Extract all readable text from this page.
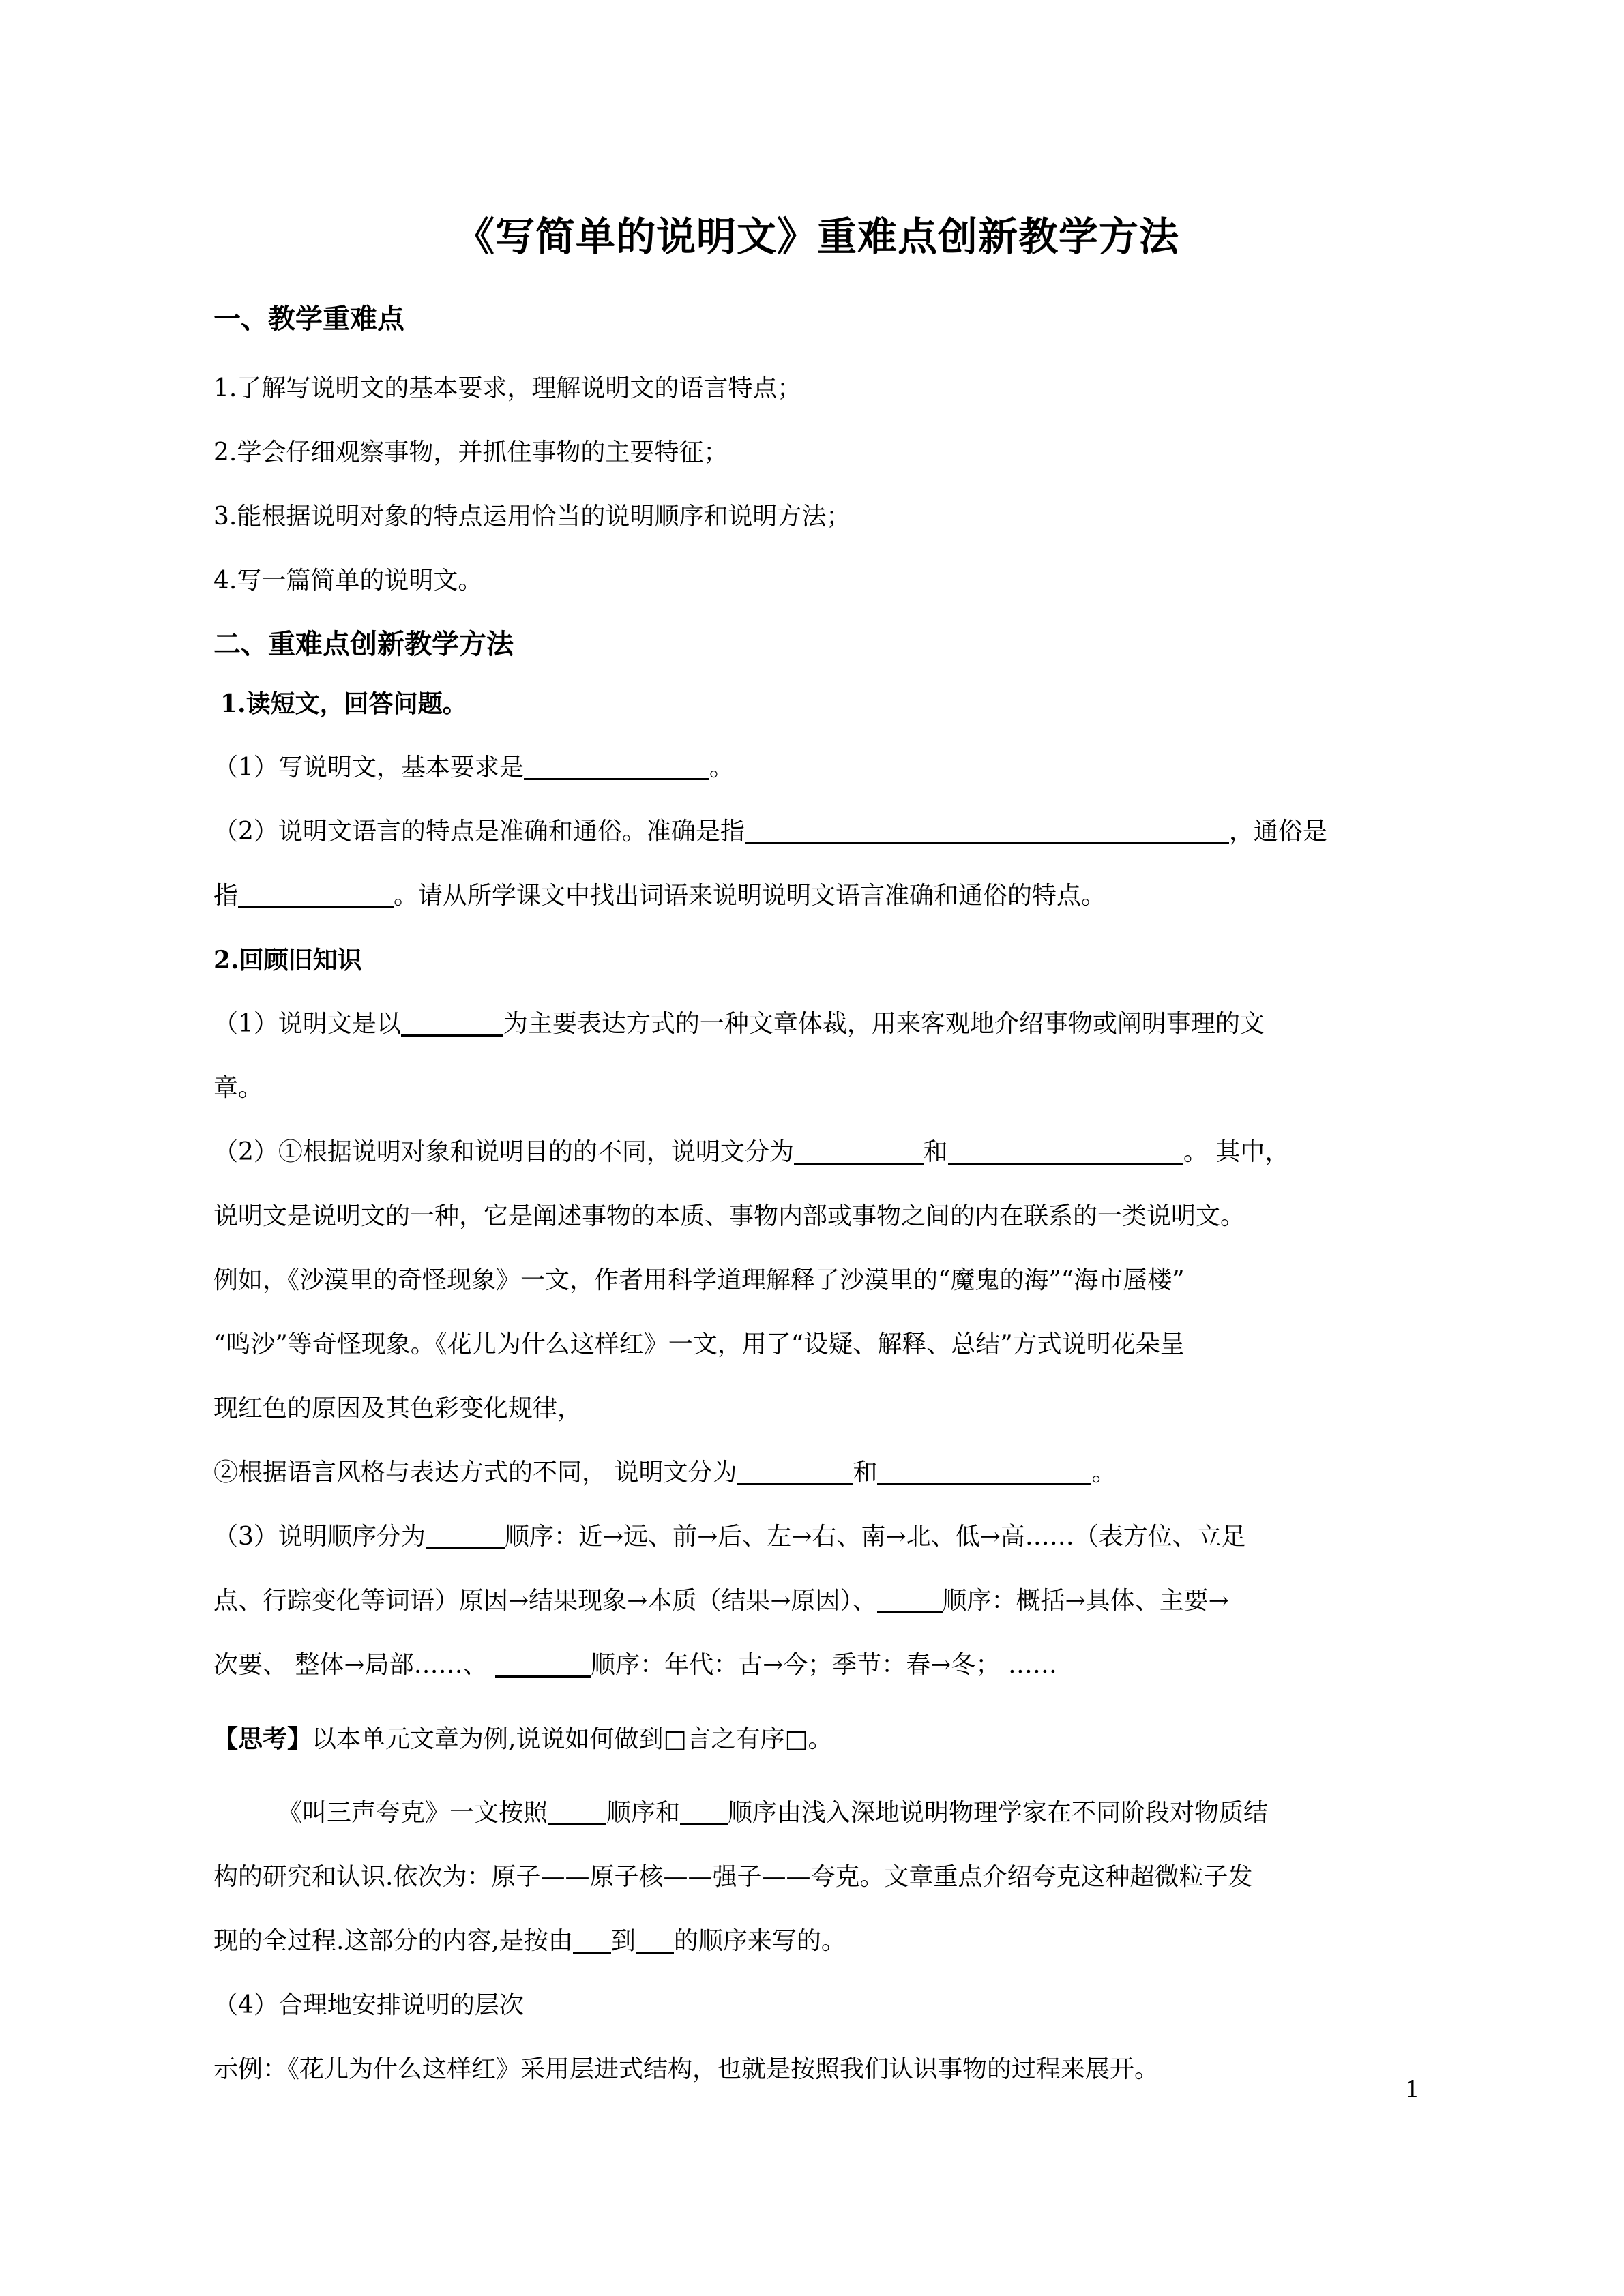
《写简单的说明文》重难点创新教学方法
一、教学重难点
1.了解写说明文的基本要求，理解说明文的语言特点；
2.学会仔细观察事物，并抓住事物的主要特征；
3.能根据说明对象的特点运用恰当的说明顺序和说明方法；
4.写一篇简单的说明文。
二、重难点创新教学方法
1.读短文，回答问题。
（1）写说明文，基本要求是	。
（2）说明文语言的特点是准确和通俗。准确是指	，通俗是
指	。请从所学课文中找出词语来说明说明文语言准确和通俗的特点。
2.回顾旧知识
（1）说明文是以	为主要表达方式的一种文章体裁，用来客观地介绍事物或阐明事理的文
章。
（2）①根据说明对象和说明目的的不同，说明文分为	和	。 其中，
说明文是说明文的一种，它是阐述事物的本质、事物内部或事物之间的内在联系的一类说明文。
例如，《沙漠里的奇怪现象》一文，作者用科学道理解释了沙漠里的“魔鬼的海”“海市蜃楼”
“鸣沙”等奇怪现象。《花儿为什么这样红》一文，用了“设疑、解释、总结”方式说明花朵呈
现红色的原因及其色彩变化规律，
②根据语言风格与表达方式的不同， 说明文分为	和	。
（3）说明顺序分为	顺序：近→远、前→后、左→右、南→北、低→高……（表方位、立足
点、行踪变化等词语）原因→结果现象→本质（结果→原因）、	顺序：概括→具体、主要→
次要、 整体→局部……、	顺序：年代：古→今；季节：春→冬； ……
【思考】以本单元文章为例,说说如何做到□言之有序□。
《叫三声夸克》一文按照 顺序和 顺序由浅入深地说明物理学家在不同阶段对物质结
构的研究和认识.依次为：原子——原子核——强子——夸克。文章重点介绍夸克这种超微粒子发
现的全过程.这部分的内容,是按由 到 的顺序来写的。
（4）合理地安排说明的层次
示例：《花儿为什么这样红》采用层进式结构，也就是按照我们认识事物的过程来展开。
1
